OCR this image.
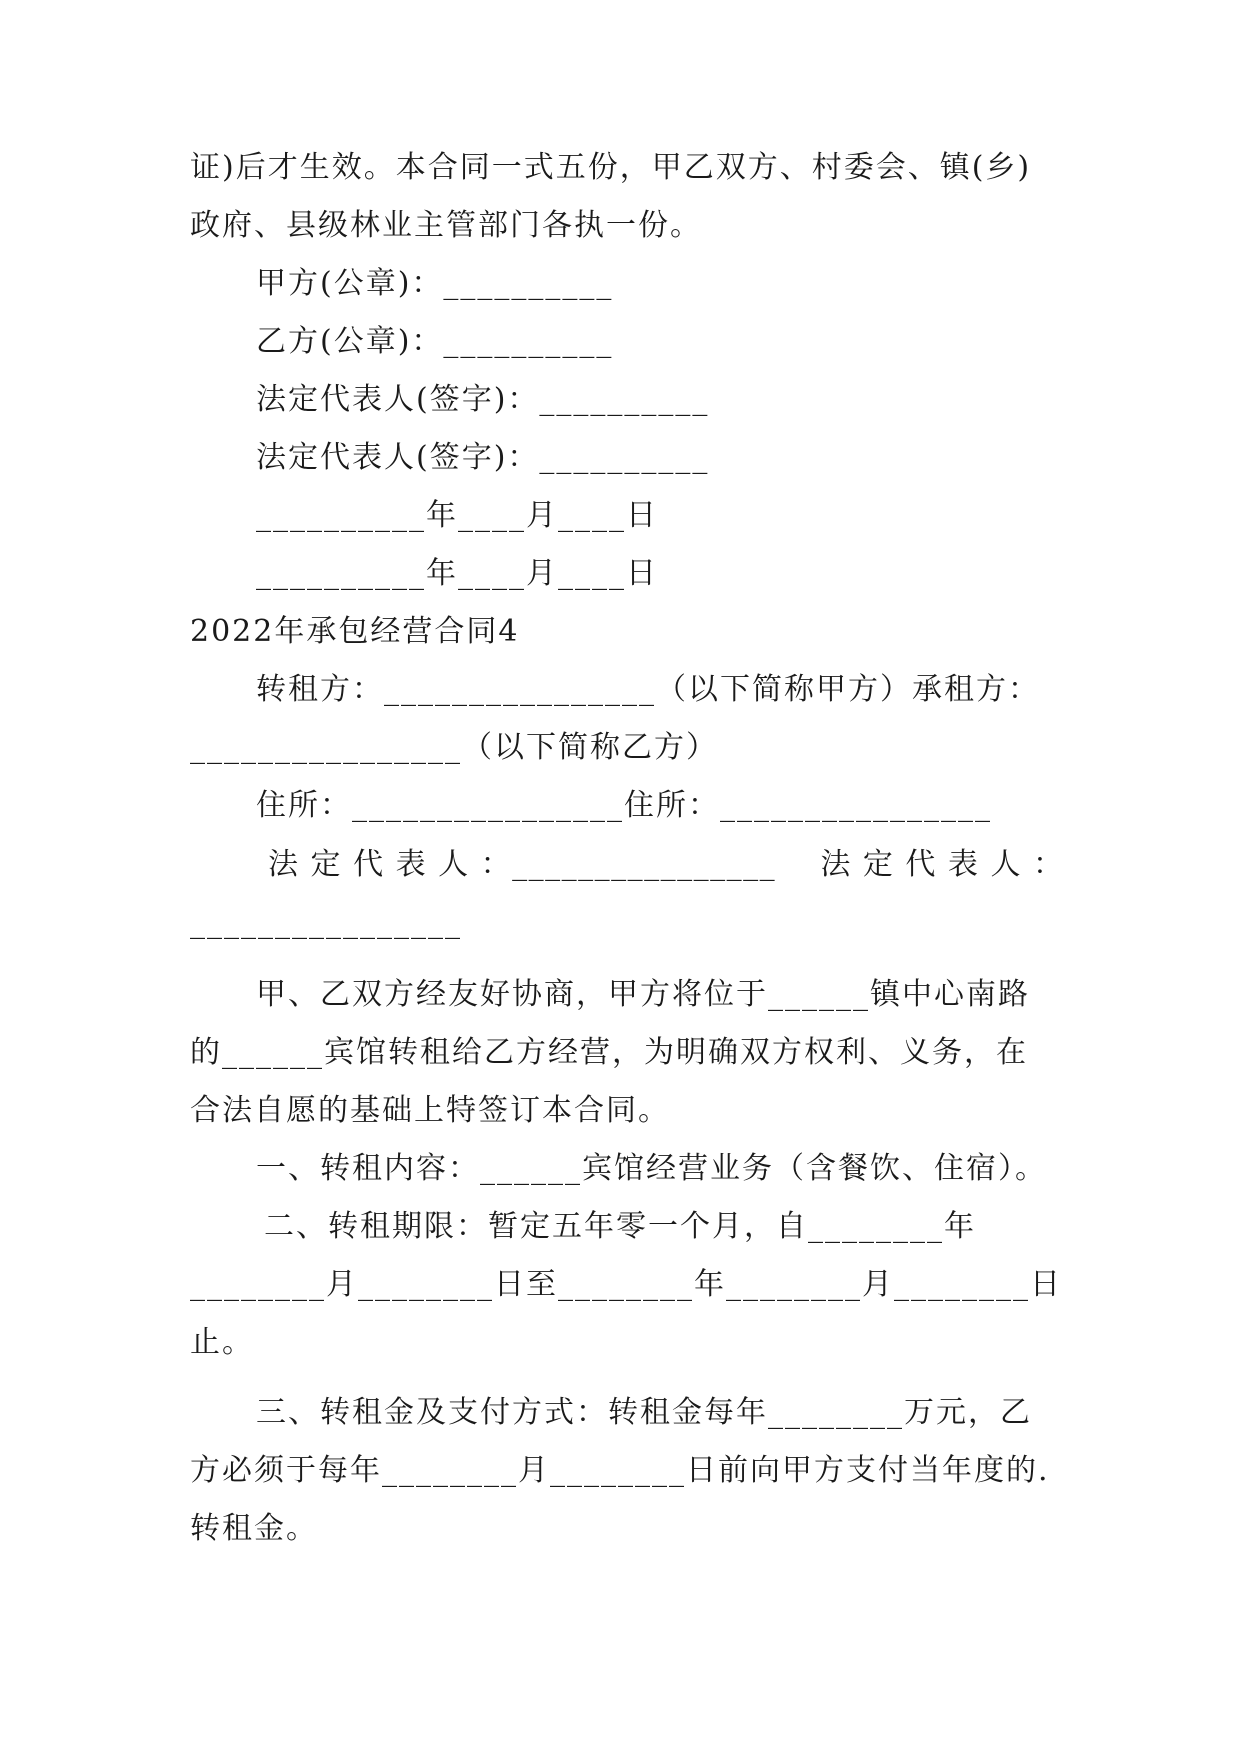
证)后才生效。本合同一式五份，甲乙双方、村委会、镇(乡)
政府、县级林业主管部门各执一份。
甲方(公章)：__________
乙方(公章)：__________
法定代表人(签字)：__________
法定代表人(签字)：__________
__________年____月____日
__________年____月____日
2022年承包经营合同4
转租方：________________（以下简称甲方）承租方：
________________（以下简称乙方）
住所：________________住所：________________
法 定 代 表 人 ：________________    法 定 代 表 人 ：
________________
甲、乙双方经友好协商，甲方将位于______镇中心南路
的______宾馆转租给乙方经营，为明确双方权利、义务，在
合法自愿的基础上特签订本合同。
一、转租内容：______宾馆经营业务（含餐饮、住宿）。
二、转租期限：暂定五年零一个月，自________年
________月________日至________年________月________日
止。
三、转租金及支付方式：转租金每年________万元，乙
方必须于每年________月________日前向甲方支付当年度的.
转租金。
